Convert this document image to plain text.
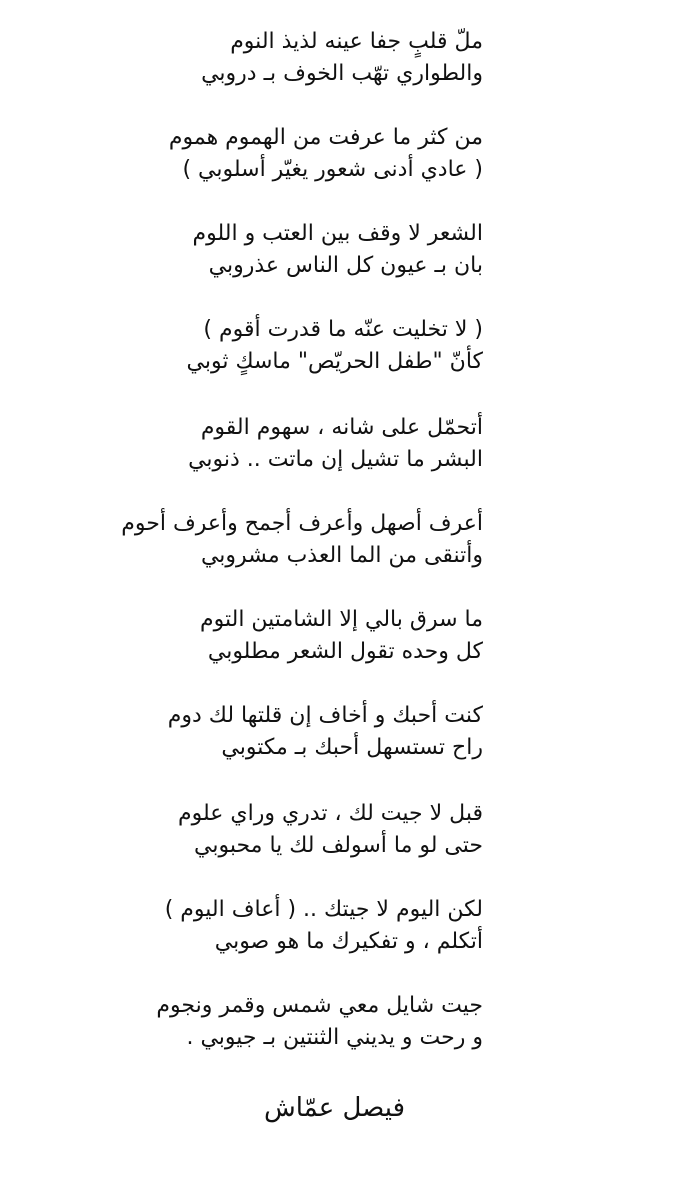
ملّ قلبٍ جفا عينه لذيذ النوم
والطواري تهّب الخوف بـ دروبي
من كثر ما عرفت من الهموم هموم
( عادي أدنى شعور يغيّر أسلوبي )
الشعر لا وقف بين العتب و اللوم
بان بـ عيون كل الناس عذروبي
( لا تخليت عنّه ما قدرت أقوم )
كأنّ "طفل الحريّص" ماسكٍ ثوبي
أتحمّل على شانه ، سهوم القوم
البشر ما تشيل إن ماتت .. ذنوبي
أعرف أصهل وأعرف أجمح وأعرف أحوم
وأتنقى من الما العذب مشروبي
ما سرق بالي إلا الشامتين التوم
كل وحده تقول الشعر مطلوبي
كنت أحبك و أخاف إن قلتها لك دوم
راح تستسهل أحبك بـ مكتوبي
قبل لا جيت لك ، تدري وراي علوم
حتى لو ما أسولف لك يا محبوبي
لكن اليوم لا جيتك .. ( أعاف اليوم )
أتكلم ، و تفكيرك ما هو صوبي
جيت شايل معي شمس وقمر ونجوم
و رحت و يديني الثنتين بـ جيوبي .
فيصل عمّاش
